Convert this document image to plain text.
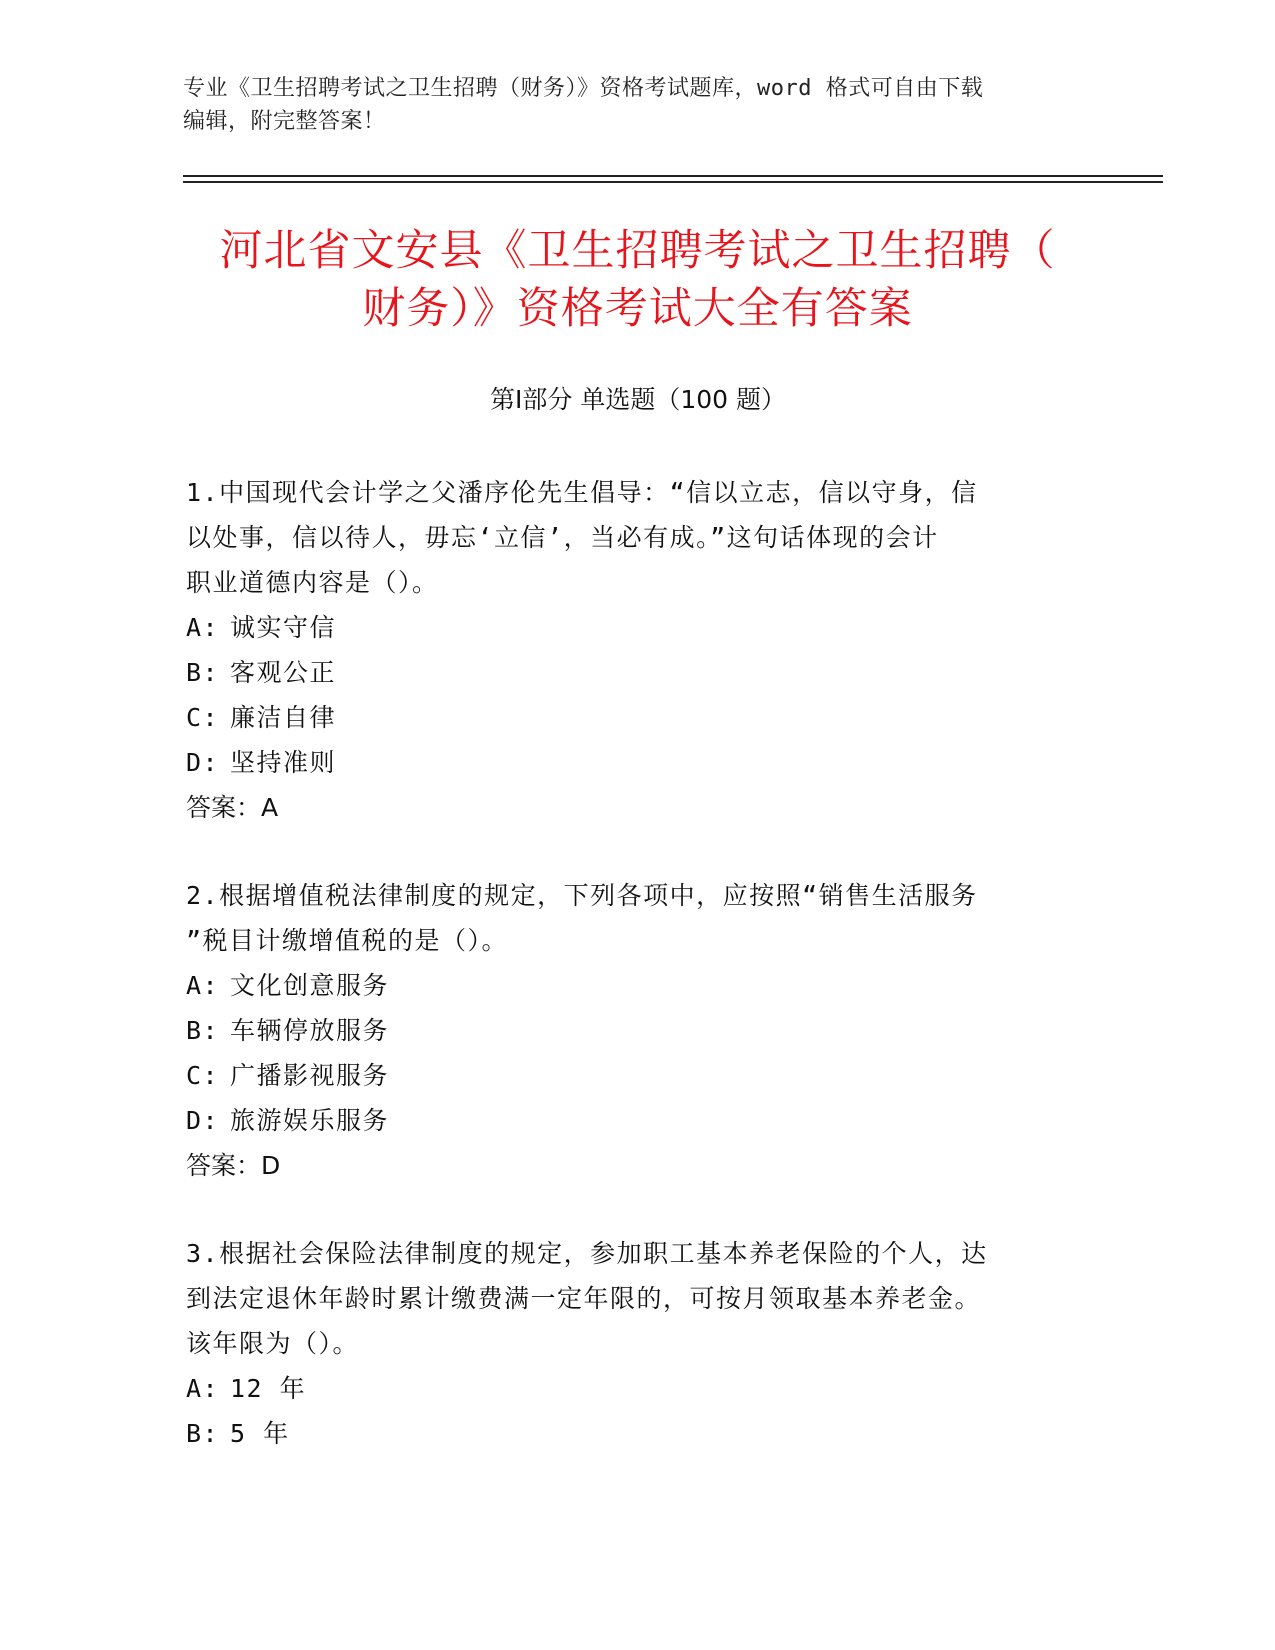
专业《卫生招聘考试之卫生招聘（财务）》资格考试题库，word 格式可自由下载
编辑，附完整答案！
河北省文安县《卫生招聘考试之卫生招聘（
财务）》资格考试大全有答案
第Ⅰ部分 单选题（100 题）

1.中国现代会计学之父潘序伦先生倡导：“信以立志，信以守身，信

以处事，信以待人，毋忘‘立信’，当必有成。”这句话体现的会计

职业道德内容是（）。

A: 诚实守信

B: 客观公正

C: 廉洁自律

D: 坚持准则

答案：A

2.根据增值税法律制度的规定，下列各项中，应按照“销售生活服务

”税目计缴增值税的是（）。

A: 文化创意服务

B: 车辆停放服务

C: 广播影视服务

D: 旅游娱乐服务

答案：D

3.根据社会保险法律制度的规定，参加职工基本养老保险的个人，达

到法定退休年龄时累计缴费满一定年限的，可按月领取基本养老金。

该年限为（）。

A: 12 年

B: 5 年
